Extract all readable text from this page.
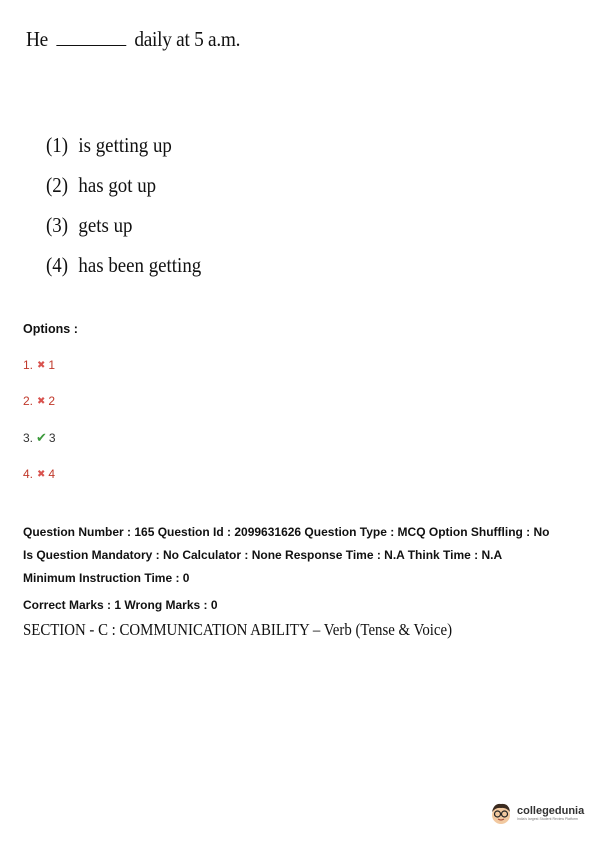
He	daily at 5 a.m.
(1) is getting up
(2) has got up
(3) gets up
(4) has been getting
Options :
1. ✖ 1
2. ✖ 2
3. ✔ 3
4. ✖ 4
Question Number : 165 Question Id : 2099631626 Question Type : MCQ Option Shuffling : No
Is Question Mandatory : No Calculator : None Response Time : N.A Think Time : N.A
Minimum Instruction Time : 0
Correct Marks : 1 Wrong Marks : 0
SECTION - C : COMMUNICATION ABILITY – Verb (Tense & Voice)
collegedunia
India's largest Student Review Platform
